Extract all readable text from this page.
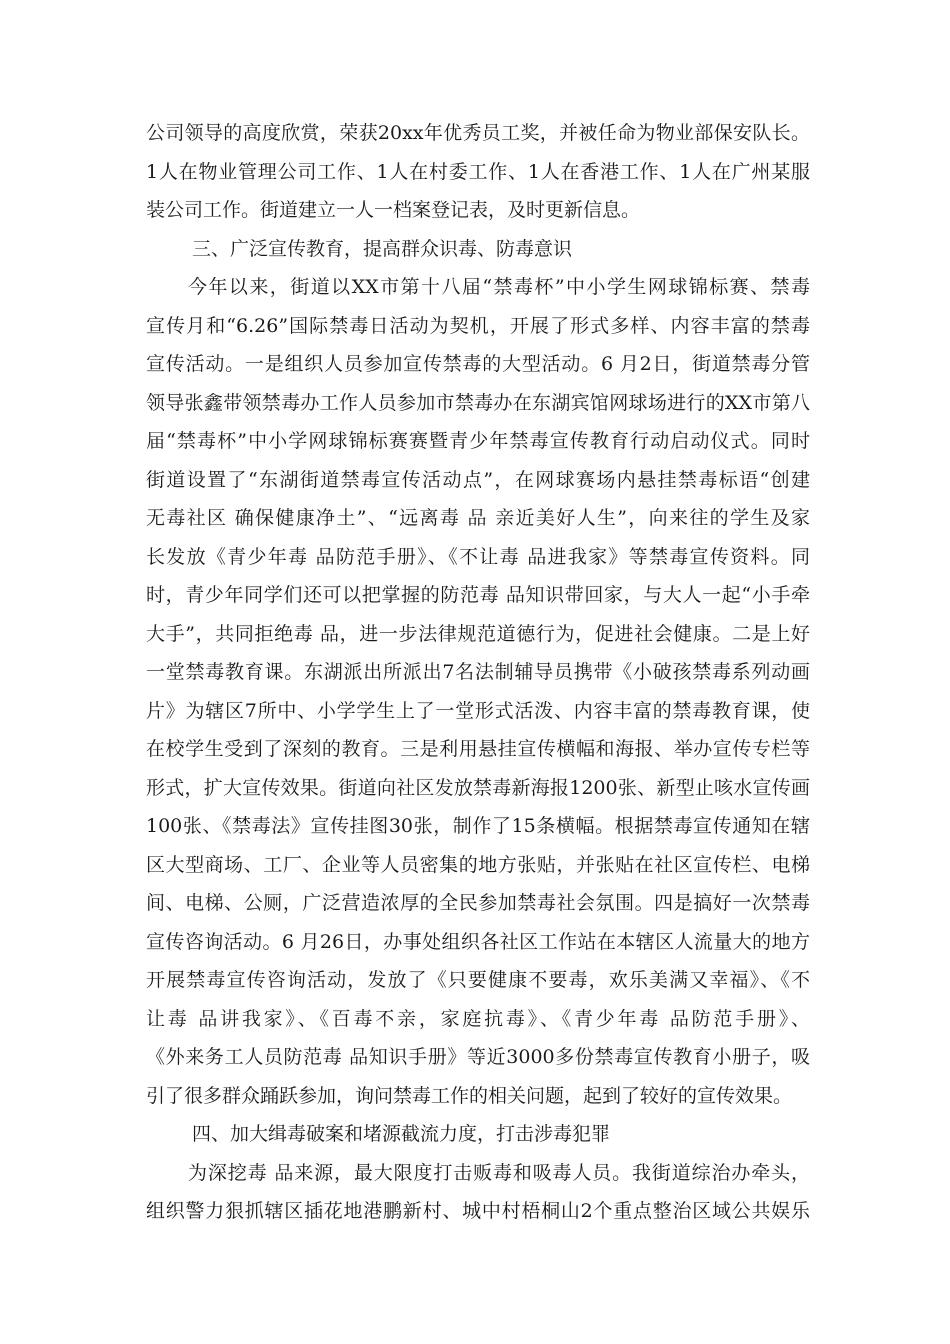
公司领导的高度欣赏，荣获20xx年优秀员工奖，并被任命为物业部保安队长。
1人在物业管理公司工作、1人在村委工作、1人在香港工作、1人在广州某服
装公司工作。街道建立一人一档案登记表，及时更新信息。
三、广泛宣传教育，提高群众识毒、防毒意识
今年以来，街道以XX市第十八届“禁毒杯”中小学生网球锦标赛、禁毒
宣传月和“6.26”国际禁毒日活动为契机，开展了形式多样、内容丰富的禁毒
宣传活动。一是组织人员参加宣传禁毒的大型活动。6 月2日，街道禁毒分管
领导张鑫带领禁毒办工作人员参加市禁毒办在东湖宾馆网球场进行的XX市第八
届“禁毒杯”中小学网球锦标赛赛暨青少年禁毒宣传教育行动启动仪式。同时
街道设置了“东湖街道禁毒宣传活动点”，在网球赛场内悬挂禁毒标语“创建
无毒社区 确保健康净土”、“远离毒 品 亲近美好人生”，向来往的学生及家
长发放《青少年毒 品防范手册》、《不让毒 品进我家》等禁毒宣传资料。同
时，青少年同学们还可以把掌握的防范毒 品知识带回家，与大人一起“小手牵
大手”，共同拒绝毒 品，进一步法律规范道德行为，促进社会健康。二是上好
一堂禁毒教育课。东湖派出所派出7名法制辅导员携带《小破孩禁毒系列动画
片》为辖区7所中、小学学生上了一堂形式活泼、内容丰富的禁毒教育课，使
在校学生受到了深刻的教育。三是利用悬挂宣传横幅和海报、举办宣传专栏等
形式，扩大宣传效果。街道向社区发放禁毒新海报1200张、新型止咳水宣传画
100张、《禁毒法》宣传挂图30张，制作了15条横幅。根据禁毒宣传通知在辖
区大型商场、工厂、企业等人员密集的地方张贴，并张贴在社区宣传栏、电梯
间、电梯、公厕，广泛营造浓厚的全民参加禁毒社会氛围。四是搞好一次禁毒
宣传咨询活动。6 月26日，办事处组织各社区工作站在本辖区人流量大的地方
开展禁毒宣传咨询活动，发放了《只要健康不要毒，欢乐美满又幸福》、《不
让毒 品讲我家》、《百毒不亲，家庭抗毒》、《青少年毒 品防范手册》、
《外来务工人员防范毒 品知识手册》等近3000多份禁毒宣传教育小册子，吸
引了很多群众踊跃参加，询问禁毒工作的相关问题，起到了较好的宣传效果。
四、加大缉毒破案和堵源截流力度，打击涉毒犯罪
为深挖毒 品来源，最大限度打击贩毒和吸毒人员。我街道综治办牵头，
组织警力狠抓辖区插花地港鹏新村、城中村梧桐山2个重点整治区域公共娱乐
